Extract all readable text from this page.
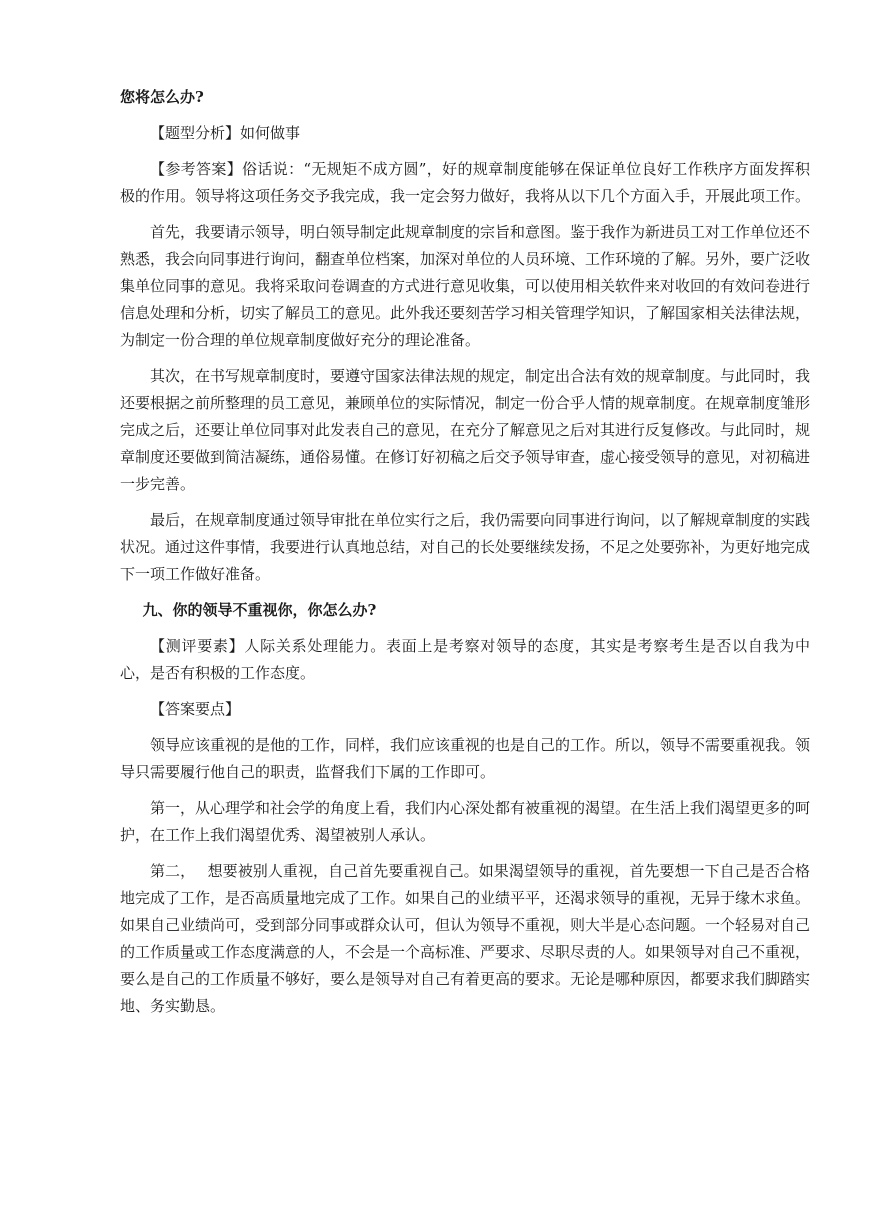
您将怎么办?

【题型分析】如何做事

【参考答案】俗话说：“无规矩不成方圆”，好的规章制度能够在保证单位良好工作秩序方面发挥积极的作用。领导将这项任务交予我完成，我一定会努力做好，我将从以下几个方面入手，开展此项工作。

首先，我要请示领导，明白领导制定此规章制度的宗旨和意图。鉴于我作为新进员工对工作单位还不熟悉，我会向同事进行询问，翻查单位档案，加深对单位的人员环境、工作环境的了解。另外，要广泛收集单位同事的意见。我将采取问卷调查的方式进行意见收集，可以使用相关软件来对收回的有效问卷进行信息处理和分析，切实了解员工的意见。此外我还要刻苦学习相关管理学知识，了解国家相关法律法规，为制定一份合理的单位规章制度做好充分的理论准备。

其次，在书写规章制度时，要遵守国家法律法规的规定，制定出合法有效的规章制度。与此同时，我还要根据之前所整理的员工意见，兼顾单位的实际情况，制定一份合乎人情的规章制度。在规章制度雏形完成之后，还要让单位同事对此发表自己的意见，在充分了解意见之后对其进行反复修改。与此同时，规章制度还要做到简洁凝练，通俗易懂。在修订好初稿之后交予领导审查，虚心接受领导的意见，对初稿进一步完善。

最后，在规章制度通过领导审批在单位实行之后，我仍需要向同事进行询问，以了解规章制度的实践状况。通过这件事情，我要进行认真地总结，对自己的长处要继续发扬，不足之处要弥补，为更好地完成下一项工作做好准备。

九、你的领导不重视你，你怎么办?

【测评要素】人际关系处理能力。表面上是考察对领导的态度，其实是考察考生是否以自我为中心，是否有积极的工作态度。

【答案要点】

领导应该重视的是他的工作，同样，我们应该重视的也是自己的工作。所以，领导不需要重视我。领导只需要履行他自己的职责，监督我们下属的工作即可。

第一，从心理学和社会学的角度上看，我们内心深处都有被重视的渴望。在生活上我们渴望更多的呵护，在工作上我们渴望优秀、渴望被别人承认。

第二，　 想要被别人重视，自己首先要重视自己。如果渴望领导的重视，首先要想一下自己是否合格地完成了工作，是否高质量地完成了工作。如果自己的业绩平平，还渴求领导的重视，无异于缘木求鱼。如果自己业绩尚可，受到部分同事或群众认可，但认为领导不重视，则大半是心态问题。一个轻易对自己的工作质量或工作态度满意的人，不会是一个高标准、严要求、尽职尽责的人。如果领导对自己不重视，要么是自己的工作质量不够好，要么是领导对自己有着更高的要求。无论是哪种原因，都要求我们脚踏实地、务实勤恳。
